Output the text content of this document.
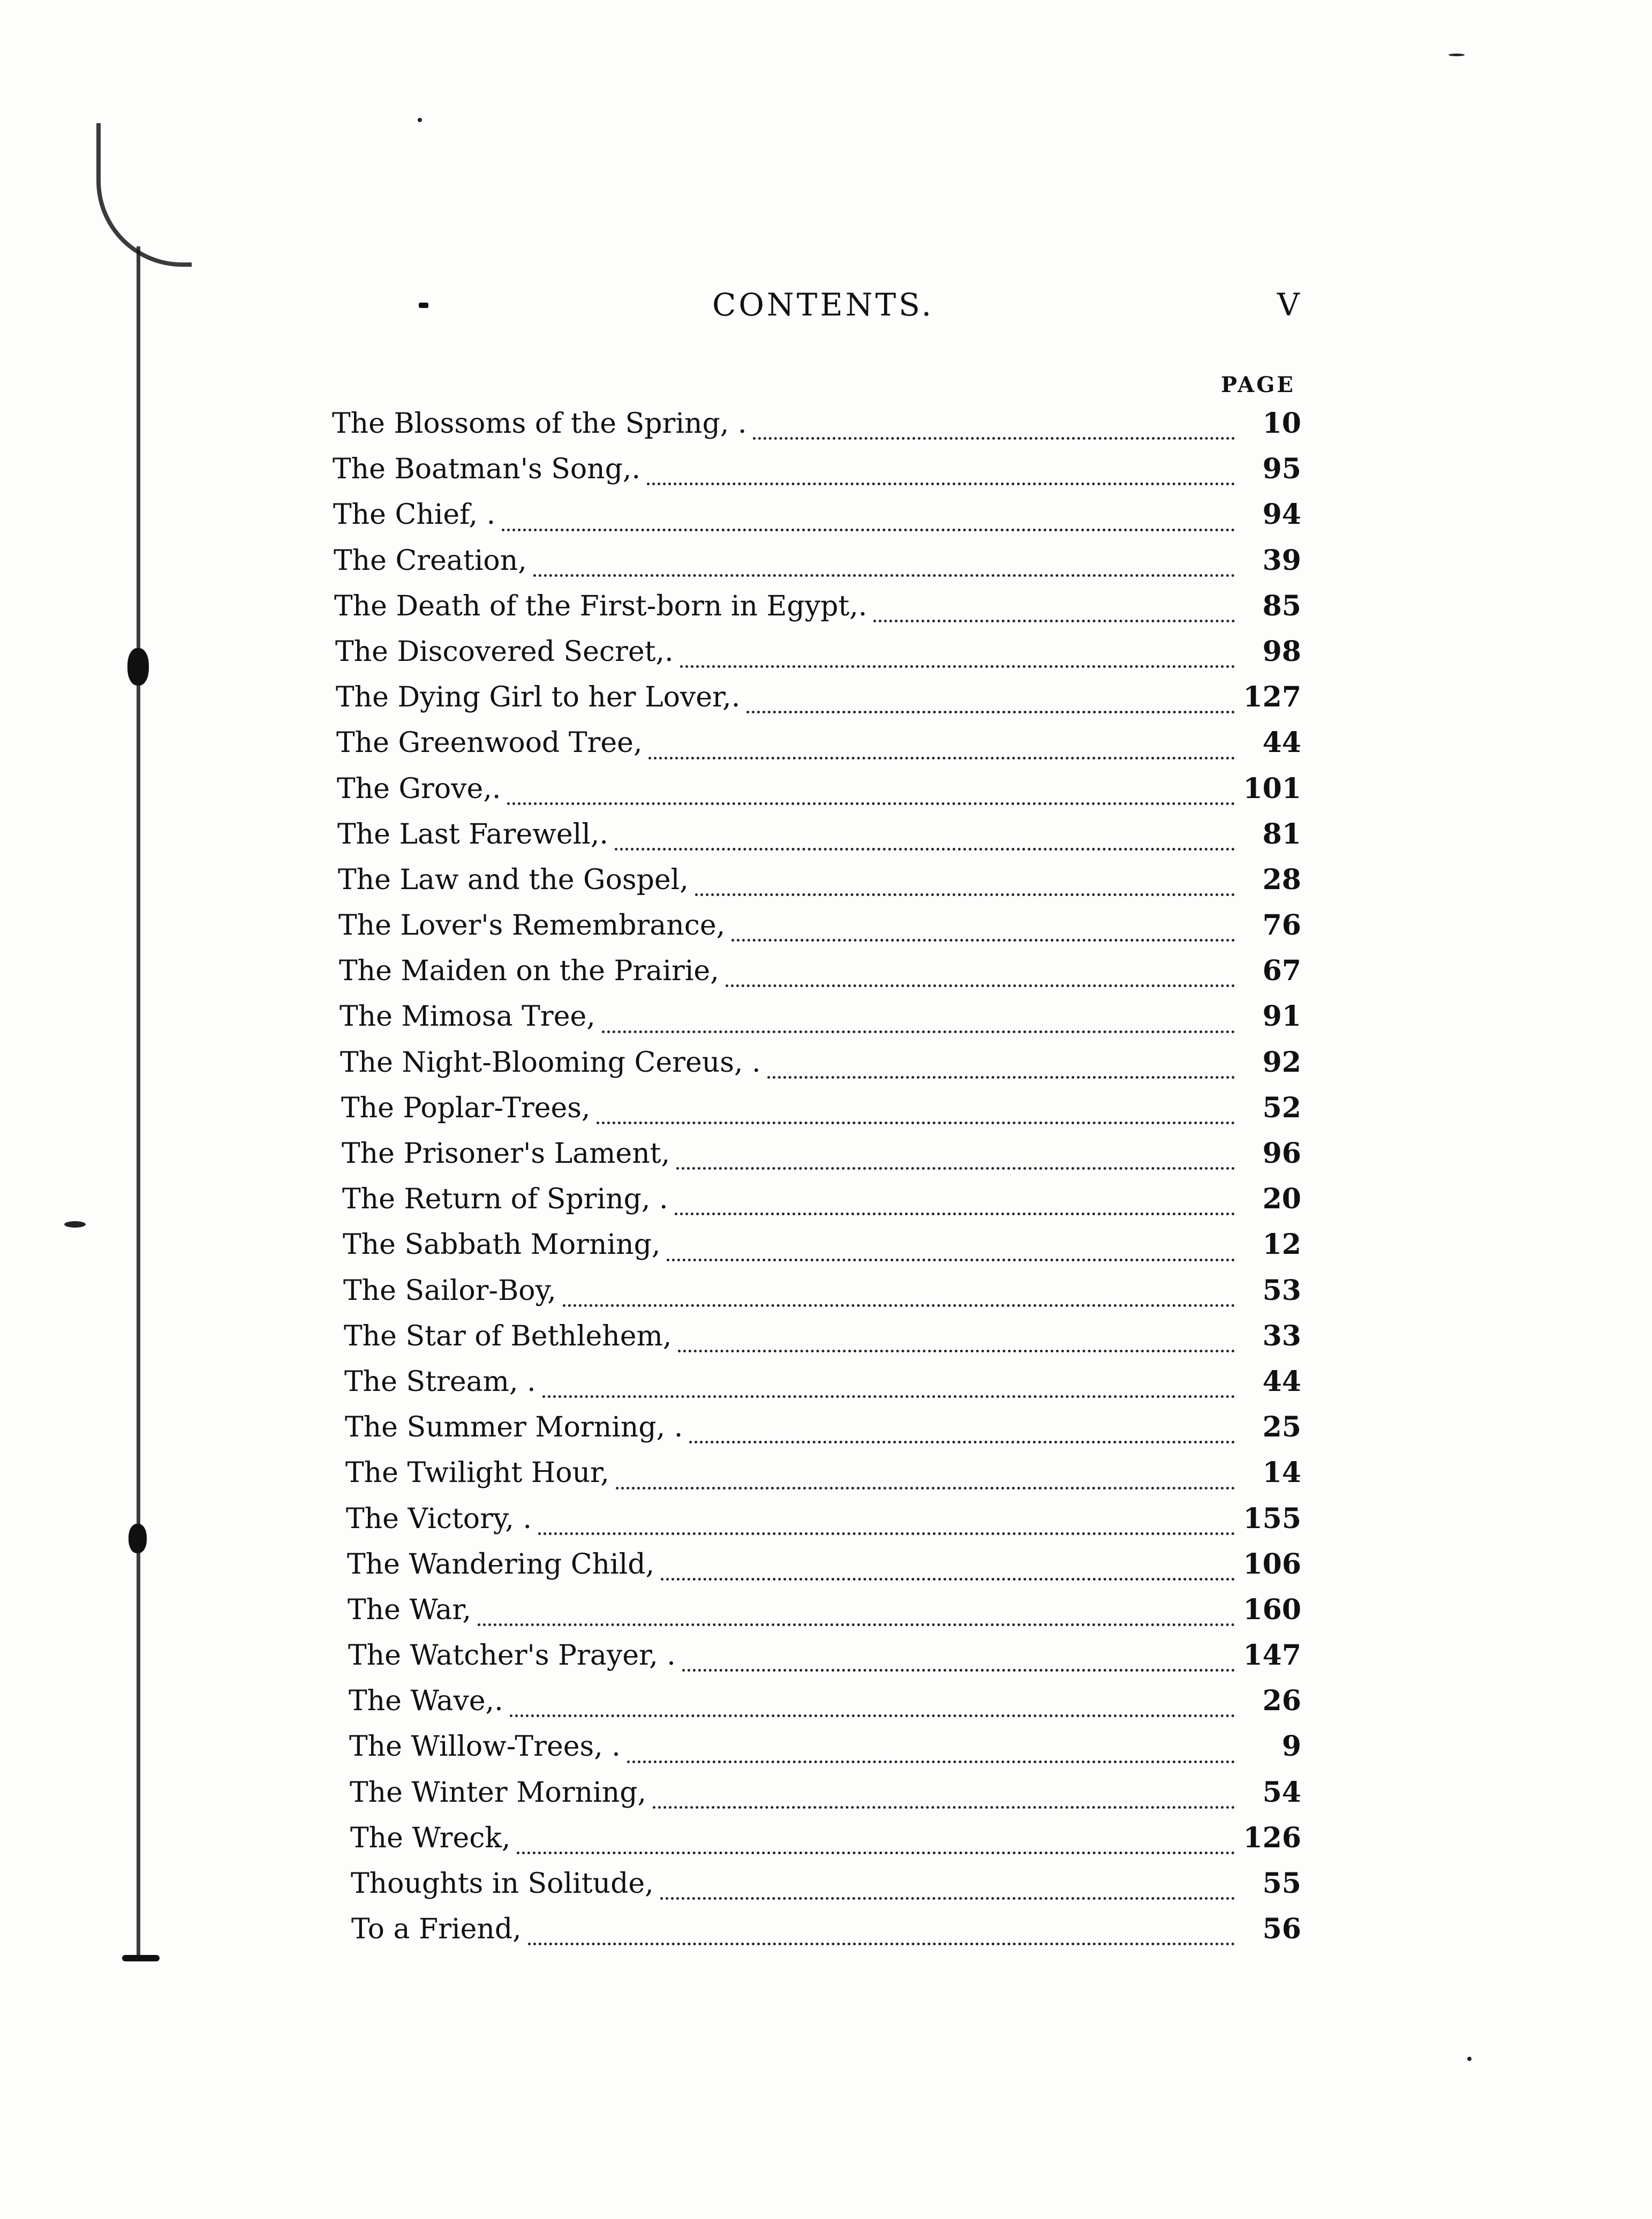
CONTENTS.	V
PAGE
The Blossoms of the Spring, .	10
The Boatman's Song,.	95
The Chief, .	94
The Creation,	39
The Death of the First-born in Egypt,.	85
The Discovered Secret,.	98
The Dying Girl to her Lover,.	127
The Greenwood Tree,	44
The Grove,.	101
The Last Farewell,.	81
The Law and the Gospel,	28
The Lover's Remembrance,	76
The Maiden on the Prairie,	67
The Mimosa Tree,	91
The Night-Blooming Cereus, .	92
The Poplar-Trees,	52
The Prisoner's Lament,	96
The Return of Spring, .	20
The Sabbath Morning,	12
The Sailor-Boy,	53
The Star of Bethlehem,	33
The Stream, .	44
The Summer Morning, .	25
The Twilight Hour,	14
The Victory, .	155
The Wandering Child,	106
The War,	160
The Watcher's Prayer, .	147
The Wave,.	26
The Willow-Trees, .	9
The Winter Morning,	54
The Wreck,	126
Thoughts in Solitude,	55
To a Friend,	56
